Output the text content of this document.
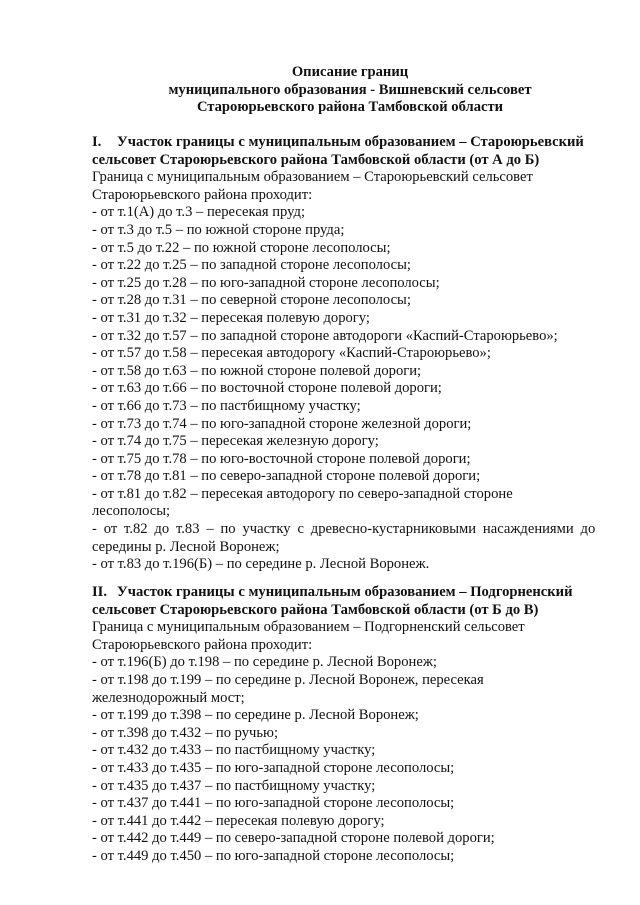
Описание границ
муниципального образования - Вишневский сельсовет
Староюрьевского района Тамбовской области
I. Участок границы с муниципальным образованием – Староюрьевский
сельсовет Староюрьевского района Тамбовской области (от А до Б)
Граница с муниципальным образованием – Староюрьевский сельсовет
Староюрьевского района проходит:
- от т.1(А) до т.3 – пересекая пруд;
- от т.3 до т.5 – по южной стороне пруда;
- от т.5 до т.22 – по южной стороне лесополосы;
- от т.22 до т.25 – по западной стороне лесополосы;
- от т.25 до т.28 – по юго-западной стороне лесополосы;
- от т.28 до т.31 – по северной стороне лесополосы;
- от т.31 до т.32 – пересекая полевую дорогу;
- от т.32 до т.57 – по западной стороне автодороги «Каспий-Староюрьево»;
- от т.57 до т.58 – пересекая автодорогу «Каспий-Староюрьево»;
- от т.58 до т.63 – по южной стороне полевой дороги;
- от т.63 до т.66 – по восточной стороне полевой дороги;
- от т.66 до т.73 – по пастбищному участку;
- от т.73 до т.74 – по юго-западной стороне железной дороги;
- от т.74 до т.75 – пересекая железную дорогу;
- от т.75 до т.78 – по юго-восточной стороне полевой дороги;
- от т.78 до т.81 – по северо-западной стороне полевой дороги;
- от т.81 до т.82 – пересекая автодорогу по северо-западной стороне
лесополосы;
- от т.82 до т.83 – по участку с древесно-кустарниковыми насаждениями до
середины р. Лесной Воронеж;
- от т.83 до т.196(Б) – по середине р. Лесной Воронеж.
II. Участок границы с муниципальным образованием – Подгорненский
сельсовет Староюрьевского района Тамбовской области (от Б до В)
Граница с муниципальным образованием – Подгорненский сельсовет
Староюрьевского района проходит:
- от т.196(Б) до т.198 – по середине р. Лесной Воронеж;
- от т.198 до т.199 – по середине р. Лесной Воронеж, пересекая
железнодорожный мост;
- от т.199 до т.398 – по середине р. Лесной Воронеж;
- от т.398 до т.432 – по ручью;
- от т.432 до т.433 – по пастбищному участку;
- от т.433 до т.435 – по юго-западной стороне лесополосы;
- от т.435 до т.437 – по пастбищному участку;
- от т.437 до т.441 – по юго-западной стороне лесополосы;
- от т.441 до т.442 – пересекая полевую дорогу;
- от т.442 до т.449 – по северо-западной стороне полевой дороги;
- от т.449 до т.450 – по юго-западной стороне лесополосы;
